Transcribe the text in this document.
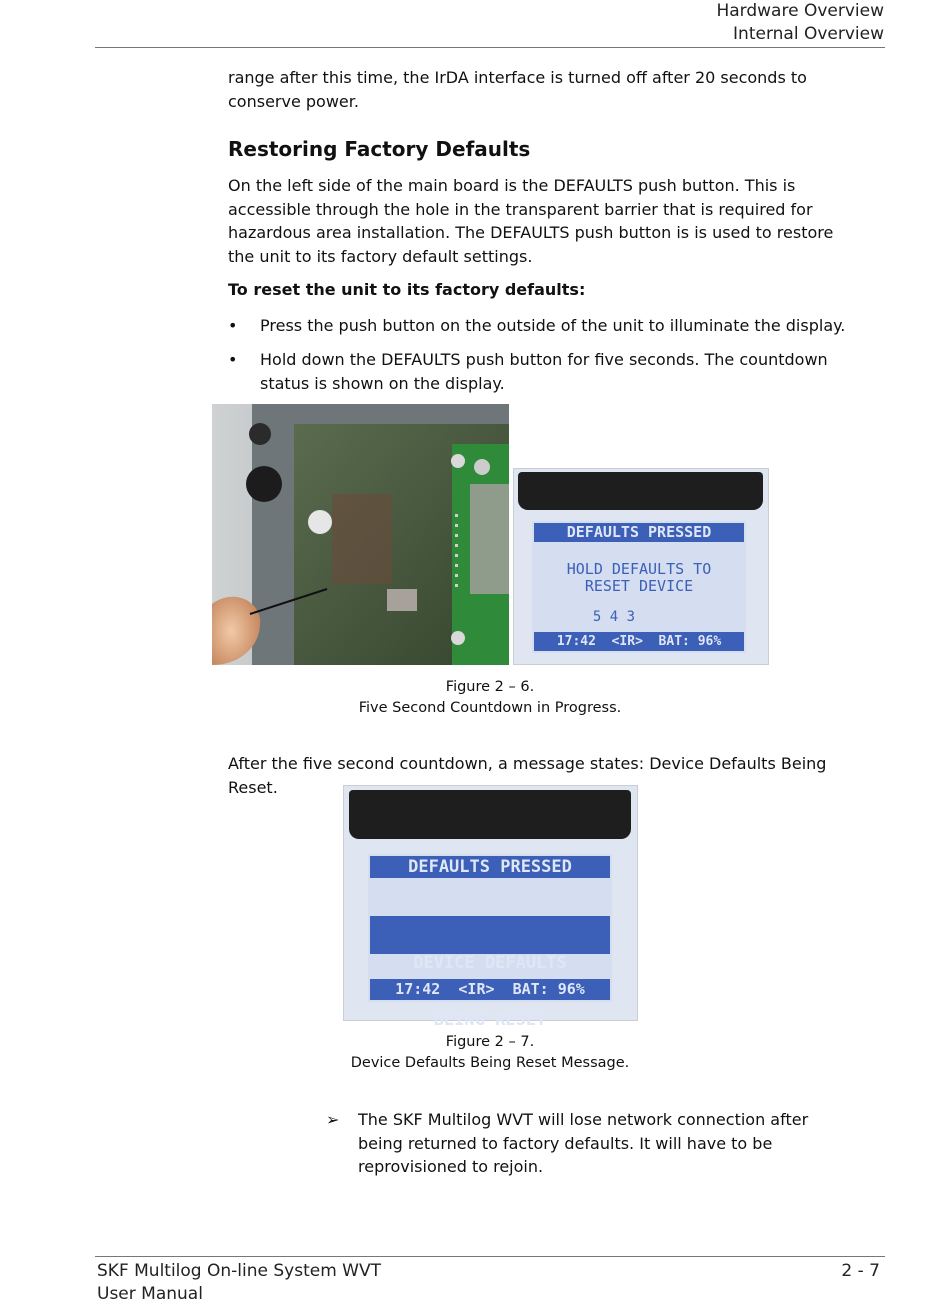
Hardware Overview
Internal Overview
range after this time, the IrDA interface is turned off after 20 seconds to conserve power.
Restoring Factory Defaults
On the left side of the main board is the DEFAULTS push button. This is accessible through the hole in the transparent barrier that is required for hazardous area installation. The DEFAULTS push button is is used to restore the unit to its factory default settings.
To reset the unit to its factory defaults:
• Press the push button on the outside of the unit to illuminate the display.
• Hold down the DEFAULTS push button for five seconds. The countdown status is shown on the display.
DEFAULTS PRESSED
HOLD DEFAULTS TO
RESET DEVICE
5 4 3
17:42  <IR>  BAT: 96%
Figure 2 – 6.
Five Second Countdown in Progress.
After the five second countdown, a message states: Device Defaults Being Reset.
DEFAULTS PRESSED

DEVICE DEFAULTS

BEING RESET

17:42  <IR>  BAT: 96%
Figure 2 – 7.
Device Defaults Being Reset Message.
➢ The SKF Multilog WVT will lose network connection after being returned to factory defaults. It will have to be reprovisioned to rejoin.
SKF Multilog On-line System WVT
User Manual
2 - 7
